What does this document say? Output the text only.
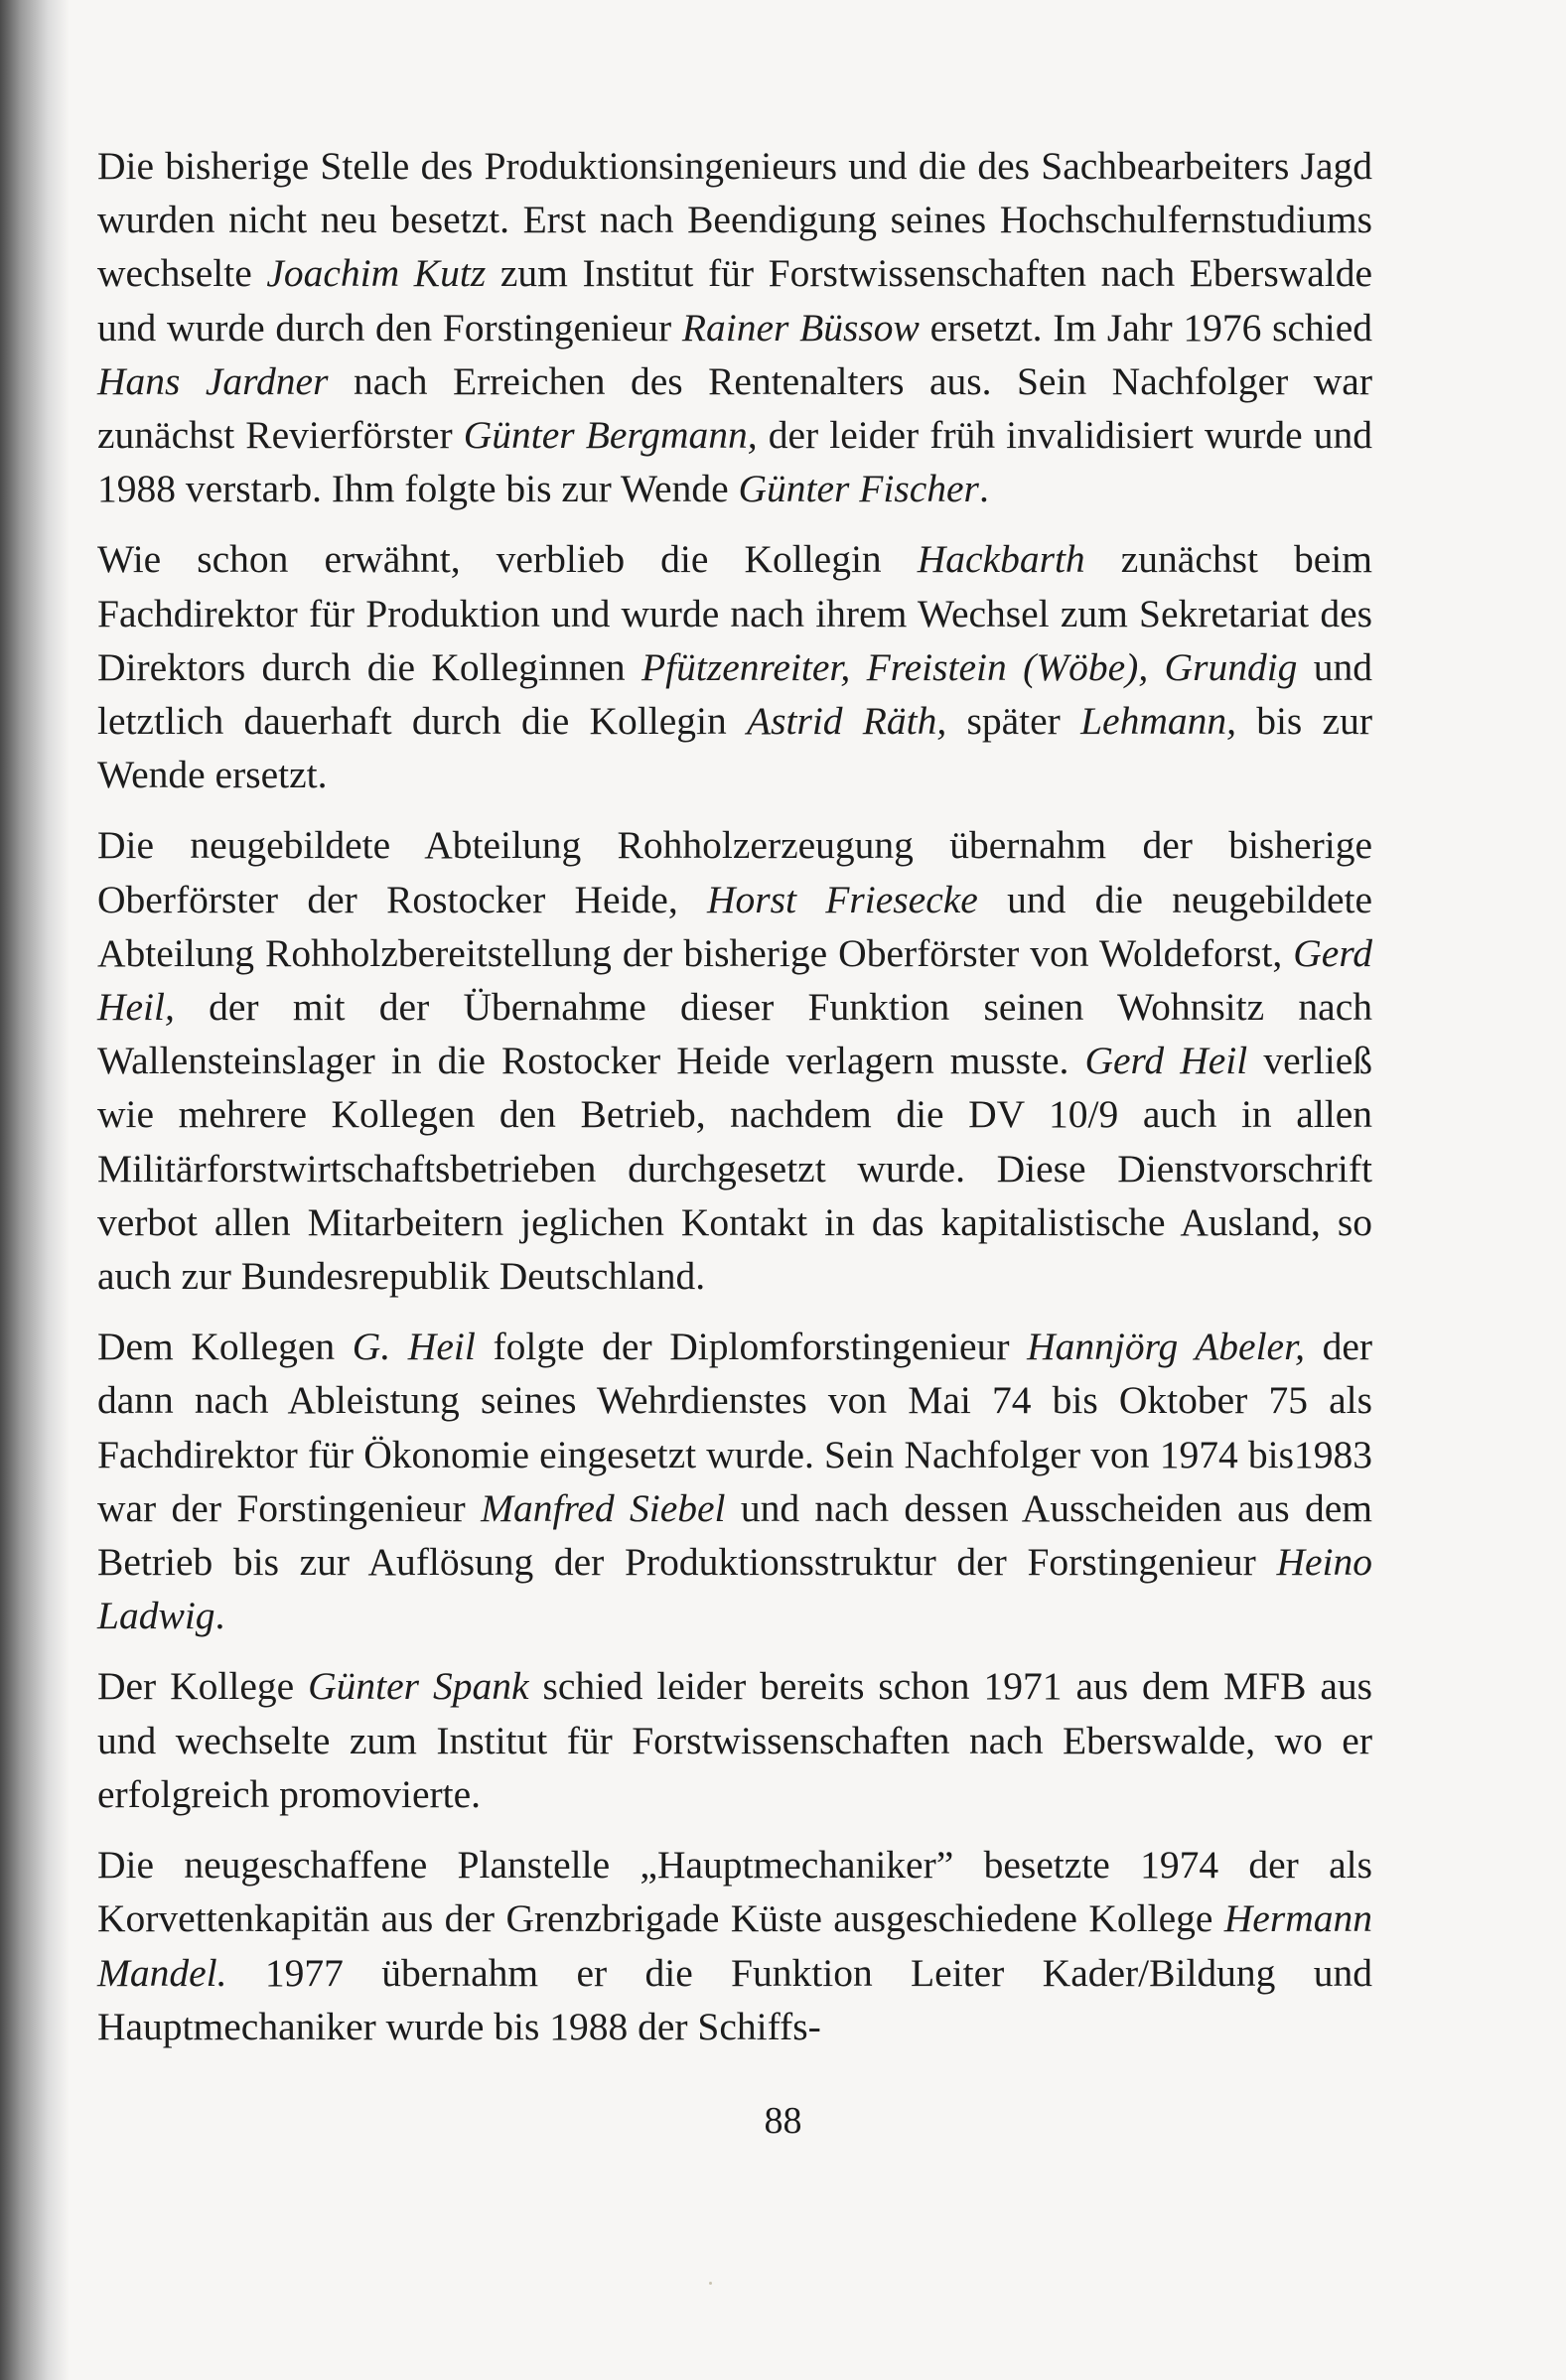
Die bisherige Stelle des Produktionsingenieurs und die des Sachbearbeiters Jagd wurden nicht neu besetzt. Erst nach Beendigung seines Hochschulfernstudiums wechselte Joachim Kutz zum Institut für Forstwissenschaften nach Eberswalde und wurde durch den Forstingenieur Rainer Büssow ersetzt. Im Jahr 1976 schied Hans Jardner nach Erreichen des Rentenalters aus. Sein Nachfolger war zunächst Revierförster Günter Bergmann, der leider früh invalidisiert wurde und 1988 verstarb. Ihm folgte bis zur Wende Günter Fischer.

Wie schon erwähnt, verblieb die Kollegin Hackbarth zunächst beim Fachdirektor für Produktion und wurde nach ihrem Wechsel zum Sekretariat des Direktors durch die Kolleginnen Pfützenreiter, Freistein (Wöbe), Grundig und letztlich dauerhaft durch die Kollegin Astrid Räth, später Lehmann, bis zur Wende ersetzt.

Die neugebildete Abteilung Rohholzerzeugung übernahm der bisherige Oberförster der Rostocker Heide, Horst Friesecke und die neugebildete Abteilung Rohholzbereitstellung der bisherige Oberförster von Woldeforst, Gerd Heil, der mit der Übernahme dieser Funktion seinen Wohnsitz nach Wallensteinslager in die Rostocker Heide verlagern musste. Gerd Heil verließ wie mehrere Kollegen den Betrieb, nachdem die DV 10/9 auch in allen Militärforstwirtschaftsbetrieben durchgesetzt wurde. Diese Dienstvorschrift verbot allen Mitarbeitern jeglichen Kontakt in das kapitalistische Ausland, so auch zur Bundesrepublik Deutschland.

Dem Kollegen G. Heil folgte der Diplomforstingenieur Hannjörg Abeler, der dann nach Ableistung seines Wehrdienstes von Mai 74 bis Oktober 75 als Fachdirektor für Ökonomie eingesetzt wurde. Sein Nachfolger von 1974 bis1983 war der Forstingenieur Manfred Siebel und nach dessen Ausscheiden aus dem Betrieb bis zur Auflösung der Produktionsstruktur der Forstingenieur Heino Ladwig.

Der Kollege Günter Spank schied leider bereits schon 1971 aus dem MFB aus und wechselte zum Institut für Forstwissenschaften nach Eberswalde, wo er erfolgreich promovierte.

Die neugeschaffene Planstelle „Hauptmechaniker” besetzte 1974 der als Korvettenkapitän aus der Grenzbrigade Küste ausgeschiedene Kollege Hermann Mandel. 1977 übernahm er die Funktion Leiter Kader/Bildung und Hauptmechaniker wurde bis 1988 der Schiffs-

88
